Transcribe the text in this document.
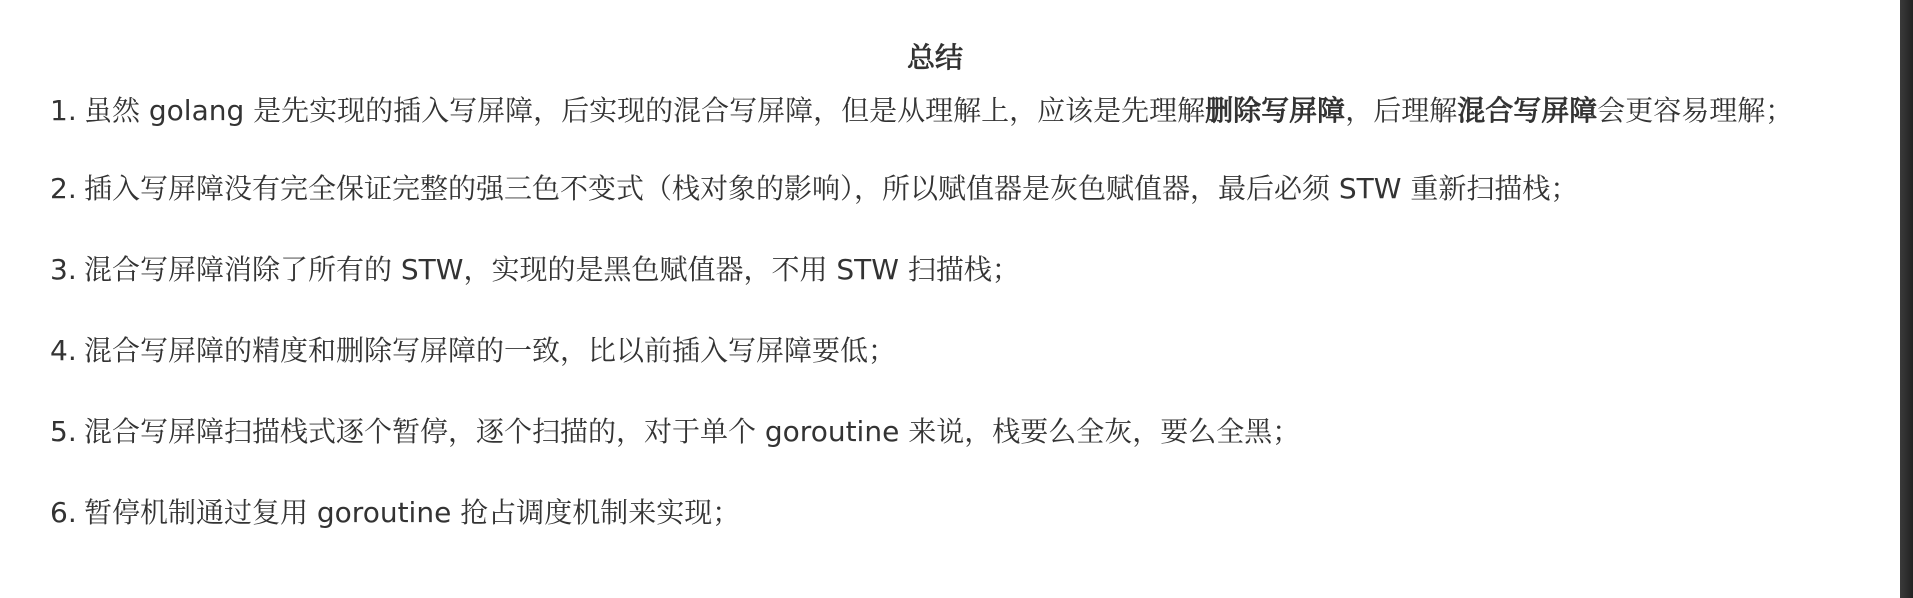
总结
1. 虽然 golang 是先实现的插入写屏障，后实现的混合写屏障，但是从理解上，应该是先理解删除写屏障，后理解混合写屏障会更容易理解；
2. 插入写屏障没有完全保证完整的强三色不变式（栈对象的影响），所以赋值器是灰色赋值器，最后必须 STW 重新扫描栈；
3. 混合写屏障消除了所有的 STW，实现的是黑色赋值器，不用 STW 扫描栈；
4. 混合写屏障的精度和删除写屏障的一致，比以前插入写屏障要低；
5. 混合写屏障扫描栈式逐个暂停，逐个扫描的，对于单个 goroutine 来说，栈要么全灰，要么全黑；
6. 暂停机制通过复用 goroutine 抢占调度机制来实现；
